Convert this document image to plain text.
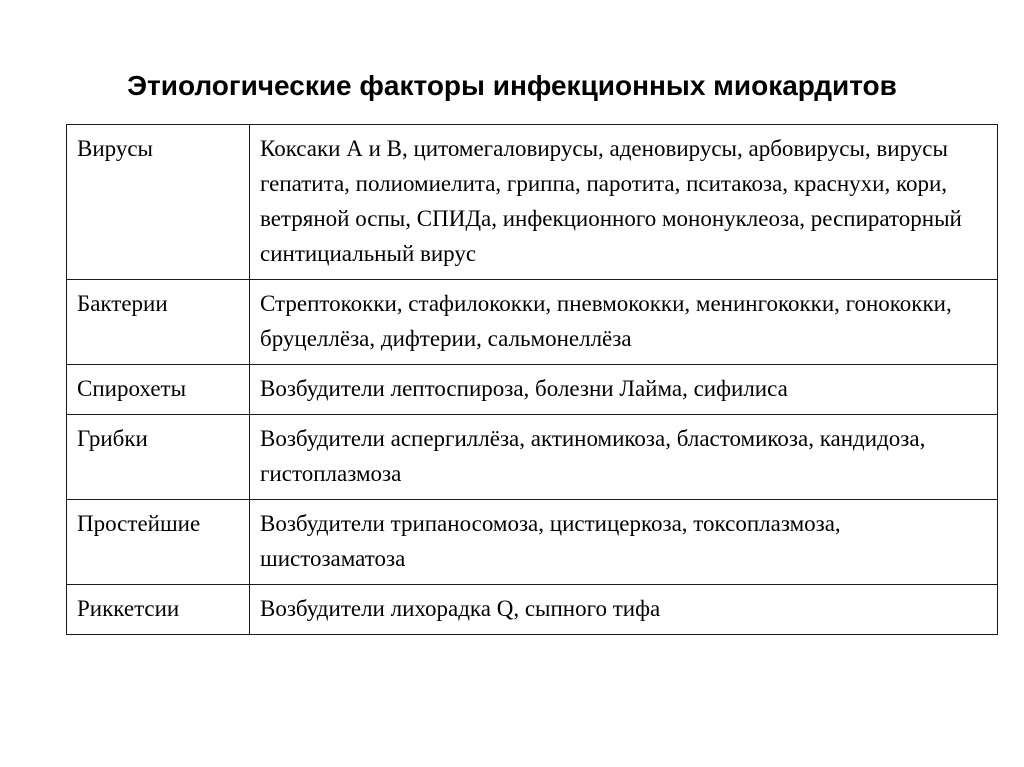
Этиологические факторы инфекционных миокардитов
Вирусы	Коксаки А и В, цитомегаловирусы, аденовирусы, арбовирусы, вирусы гепатита, полиомиелита, гриппа, паротита, пситакоза, краснухи, кори, ветряной оспы, СПИДа, инфекционного мононуклеоза, респираторный синтициальный вирус
Бактерии	Стрептококки, стафилококки, пневмококки, менингококки, гонококки, бруцеллёза, дифтерии, сальмонеллёза
Спирохеты	Возбудители лептоспироза, болезни Лайма, сифилиса
Грибки	Возбудители аспергиллёза, актиномикоза, бластомикоза, кандидоза, гистоплазмоза
Простейшие	Возбудители трипаносомоза, цистицеркоза, токсоплазмоза, шистозаматоза
Риккетсии	Возбудители лихорадка Q, сыпного тифа
